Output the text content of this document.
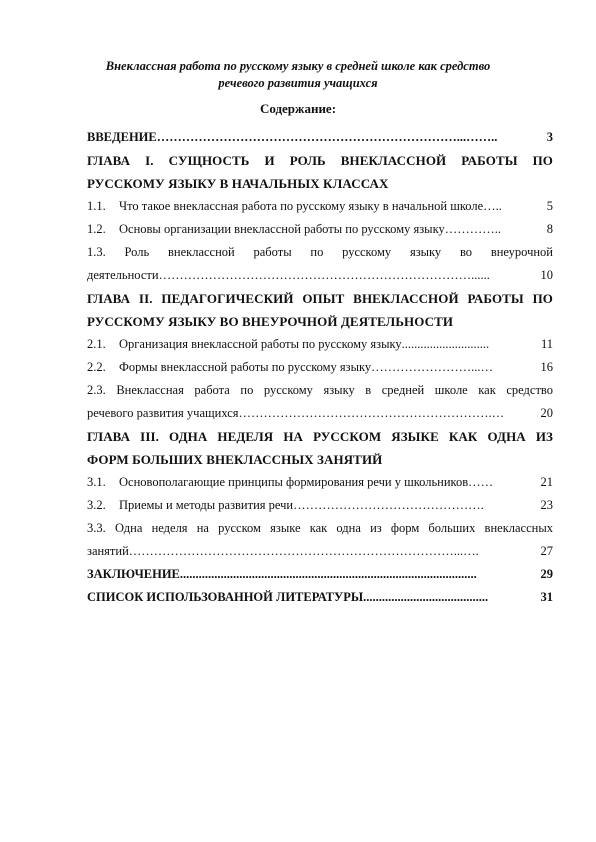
Внеклассная работа по русскому языку в средней школе как средство
речевого развития учащихся
Содержание:
ВВЕДЕНИЕ ………………………………………………………………...……..	3
ГЛАВА I. СУЩНОСТЬ И РОЛЬ ВНЕКЛАССНОЙ РАБОТЫ ПО
РУССКОМУ ЯЗЫКУ В НАЧАЛЬНЫХ КЛАССАХ
1.1. Что такое внеклассная работа по русскому языку в начальной школе …..	5
1.2. Основы организации внеклассной работы по русскому языку …………..	8
1.3. Роль внеклассной работы по русскому языку во внеурочной
деятельности …………………………………………………………………......	10
ГЛАВА II. ПЕДАГОГИЧЕСКИЙ ОПЫТ ВНЕКЛАССНОЙ РАБОТЫ ПО
РУССКОМУ ЯЗЫКУ ВО ВНЕУРОЧНОЙ ДЕЯТЕЛЬНОСТИ
2.1. Организация внеклассной работы по русскому языку ............................	11
2.2. Формы внеклассной работы по русскому языку ……………………...…	16
2.3. Внеклассная работа по русскому языку в средней школе как средство
речевого развития учащихся …………………………………………………….…	20
ГЛАВА III. ОДНА НЕДЕЛЯ НА РУССКОМ ЯЗЫКЕ КАК ОДНА ИЗ
ФОРМ БОЛЬШИХ ВНЕКЛАССНЫХ ЗАНЯТИЙ
3.1. Основополагающие принципы формирования речи у школьников ……	21
3.2. Приемы и методы развития речи ……………………………………….	23
3.3. Одна неделя на русском языке как одна из форм больших внеклассных
занятий ……………………………………………………………………...….	27
ЗАКЛЮЧЕНИЕ ...............................................................................................	29
СПИСОК ИСПОЛЬЗОВАННОЙ ЛИТЕРАТУРЫ ........................................	31
